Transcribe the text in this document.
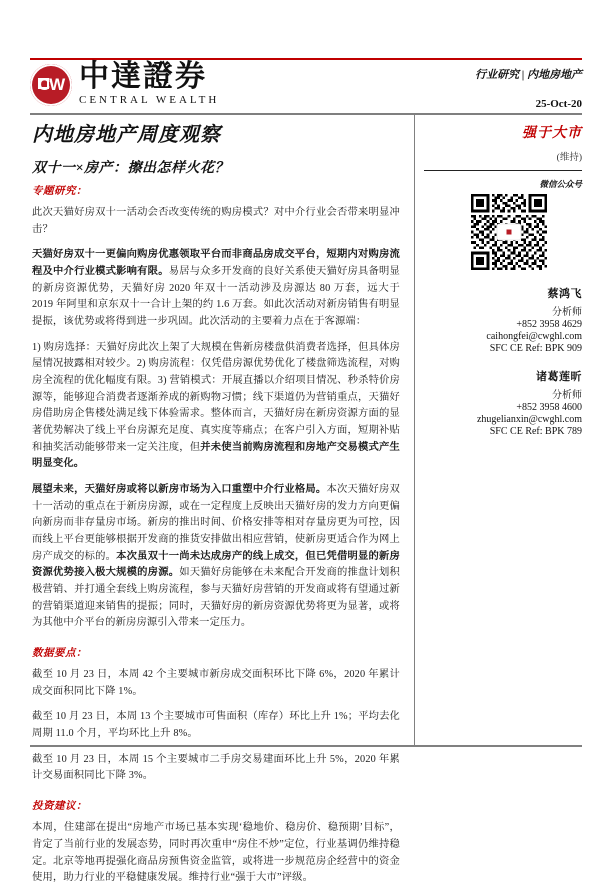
CW 中達證券
CENTRAL WEALTH
行业研究 | 内地房地产
25-Oct-20
内地房地产周度观察
双十一×房产：擦出怎样火花？
强于大市
(维持)
微信公众号
蔡鸿飞
分析师
+852 3958 4629
caihongfei@cwghl.com
SFC CE Ref: BPK 909
诸葛莲昕
分析师
+852 3958 4600
zhugelianxin@cwghl.com
SFC CE Ref: BPK 789
专题研究：

此次天猫好房双十一活动会否改变传统的购房模式？对中介行业会否带来明显冲击？

天猫好房双十一更偏向购房优惠领取平台而非商品房成交平台，短期内对购房流程及中介行业模式影响有限。易居与众多开发商的良好关系使天猫好房具备明显的新房资源优势，天猫好房 2020 年双十一活动涉及房源达 80 万套，远大于 2019 年阿里和京东双十一合计上架的约 1.6 万套。如此次活动对新房销售有明显提振，该优势或将得到进一步巩固。此次活动的主要着力点在于客源端：

1) 购房选择：天猫好房此次上架了大规模在售新房楼盘供消费者选择，但具体房屋情况披露相对较少。2) 购房流程：仅凭借房源优势优化了楼盘筛选流程，对购房全流程的优化幅度有限。3) 营销模式：开展直播以介绍项目情况、秒杀特价房源等，能够迎合消费者逐渐养成的新购物习惯；线下渠道仍为营销重点，天猫好房借助房企售楼处满足线下体验需求。整体而言，天猫好房在新房资源方面的显著优势解决了线上平台房源充足度、真实度等痛点；在客户引入方面，短期补贴和抽奖活动能够带来一定关注度，但并未使当前购房流程和房地产交易模式产生明显变化。

展望未来，天猫好房或将以新房市场为入口重塑中介行业格局。本次天猫好房双十一活动的重点在于新房房源，或在一定程度上反映出天猫好房的发力方向更偏向新房而非存量房市场。新房的推出时间、价格安排等相对存量房更为可控，因而线上平台更能够根据开发商的推货安排做出相应营销，使新房更适合作为网上房产成交的标的。本次虽双十一尚未达成房产的线上成交，但已凭借明显的新房资源优势接入极大规模的房源。如天猫好房能够在未来配合开发商的推盘计划积极营销、并打通全套线上购房流程，参与天猫好房营销的开发商或将有望通过新的营销渠道迎来销售的提振；同时，天猫好房的新房资源优势将更为显著，或将为其他中介平台的新房房源引入带来一定压力。

数据要点：

截至 10 月 23 日，本周 42 个主要城市新房成交面积环比下降 6%，2020 年累计成交面积同比下降 1%。

截至 10 月 23 日，本周 13 个主要城市可售面积（库存）环比上升 1%；平均去化周期 11.0 个月，平均环比上升 8%。

截至 10 月 23 日，本周 15 个主要城市二手房交易建面环比上升 5%，2020 年累计交易面积同比下降 3%。

投资建议：

本周，住建部在提出“房地产市场已基本实现‘稳地价、稳房价、稳预期’目标”，肯定了当前行业的发展态势，同时再次重申“房住不炒”定位，行业基调仍维持稳定。北京等地再提强化商品房预售资金监管，或将进一步规范房企经营中的资金使用，助力行业的平稳健康发展。维持行业“强于大市”评级。
